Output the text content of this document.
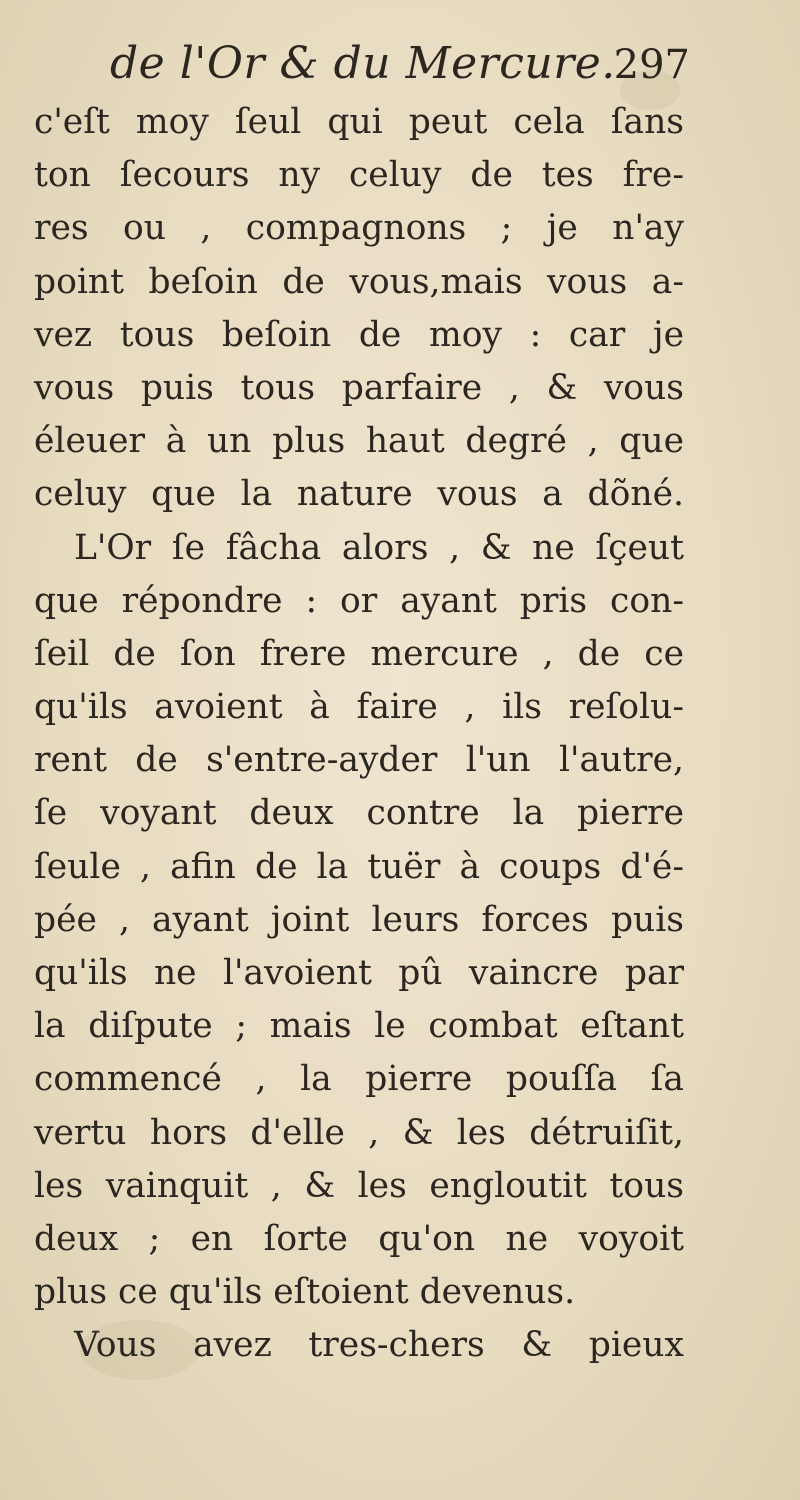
de l'Or & du Mercure.
297
c'eſt moy ſeul qui peut cela ſans
ton ſecours ny celuy de tes fre-
res ou , compagnons ; je n'ay
point beſoin de vous,mais vous a-
vez tous beſoin de moy : car je
vous puis tous parfaire , & vous
éleuer à un plus haut degré , que
celuy que la nature vous a dõné.
L'Or ſe fâcha alors , & ne ſçeut
que répondre : or ayant pris con-
ſeil de ſon frere mercure , de ce
qu'ils avoient à faire , ils reſolu-
rent de s'entre-ayder l'un l'autre,
ſe voyant deux contre la pierre
ſeule , afin de la tuër à coups d'é-
pée , ayant joint leurs forces puis
qu'ils ne l'avoient pû vaincre par
la diſpute ; mais le combat eſtant
commencé , la pierre pouſſa ſa
vertu hors d'elle , & les détruiſit,
les vainquit , & les engloutit tous
deux ; en ſorte qu'on ne voyoit
plus ce qu'ils eſtoient devenus.
Vous avez tres-chers & pieux
